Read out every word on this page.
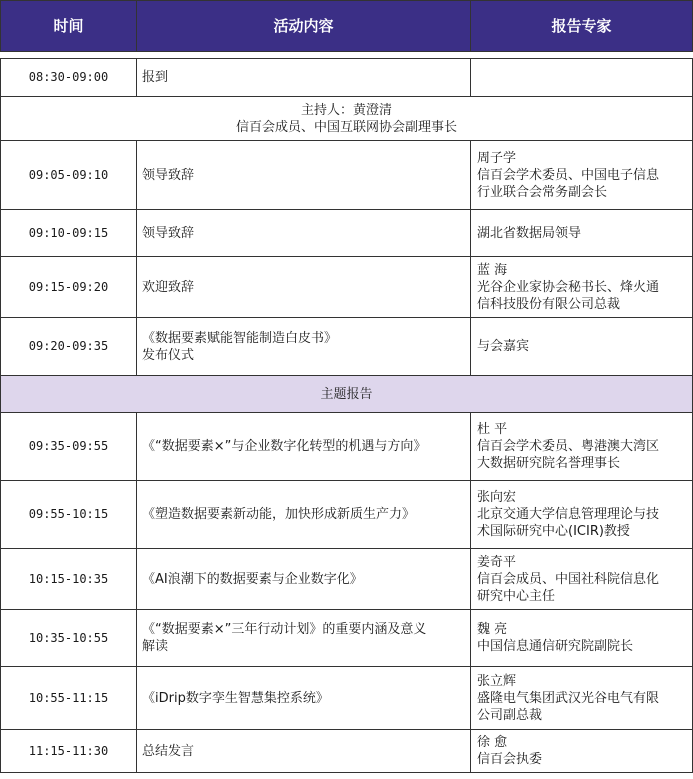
时间	活动内容	报告专家

08:30-09:00	报到	

主持人：黄澄清
信百会成员、中国互联网协会副理事长		

09:05-09:10	领导致辞	周子学
信百会学术委员、中国电子信息
行业联合会常务副会长

09:10-09:15	领导致辞	湖北省数据局领导

09:15-09:20	欢迎致辞	蓝 海
光谷企业家协会秘书长、烽火通
信科技股份有限公司总裁

09:20-09:35	《数据要素赋能智能制造白皮书》
发布仪式	与会嘉宾

主题报告		
09:35-09:55	《“数据要素×”与企业数字化转型的机遇与方向》	杜 平
信百会学术委员、粤港澳大湾区
大数据研究院名誉理事长

09:55-10:15	《塑造数据要素新动能，加快形成新质生产力》	张向宏
北京交通大学信息管理理论与技
术国际研究中心(ICIR)教授

10:15-10:35	《AI浪潮下的数据要素与企业数字化》	姜奇平
信百会成员、中国社科院信息化
研究中心主任

10:35-10:55	《“数据要素×”三年行动计划》的重要内涵及意义
解读	魏 亮
中国信息通信研究院副院长

10:55-11:15	《iDrip数字孪生智慧集控系统》	张立辉
盛隆电气集团武汉光谷电气有限
公司副总裁

11:15-11:30	总结发言	徐 愈
信百会执委
